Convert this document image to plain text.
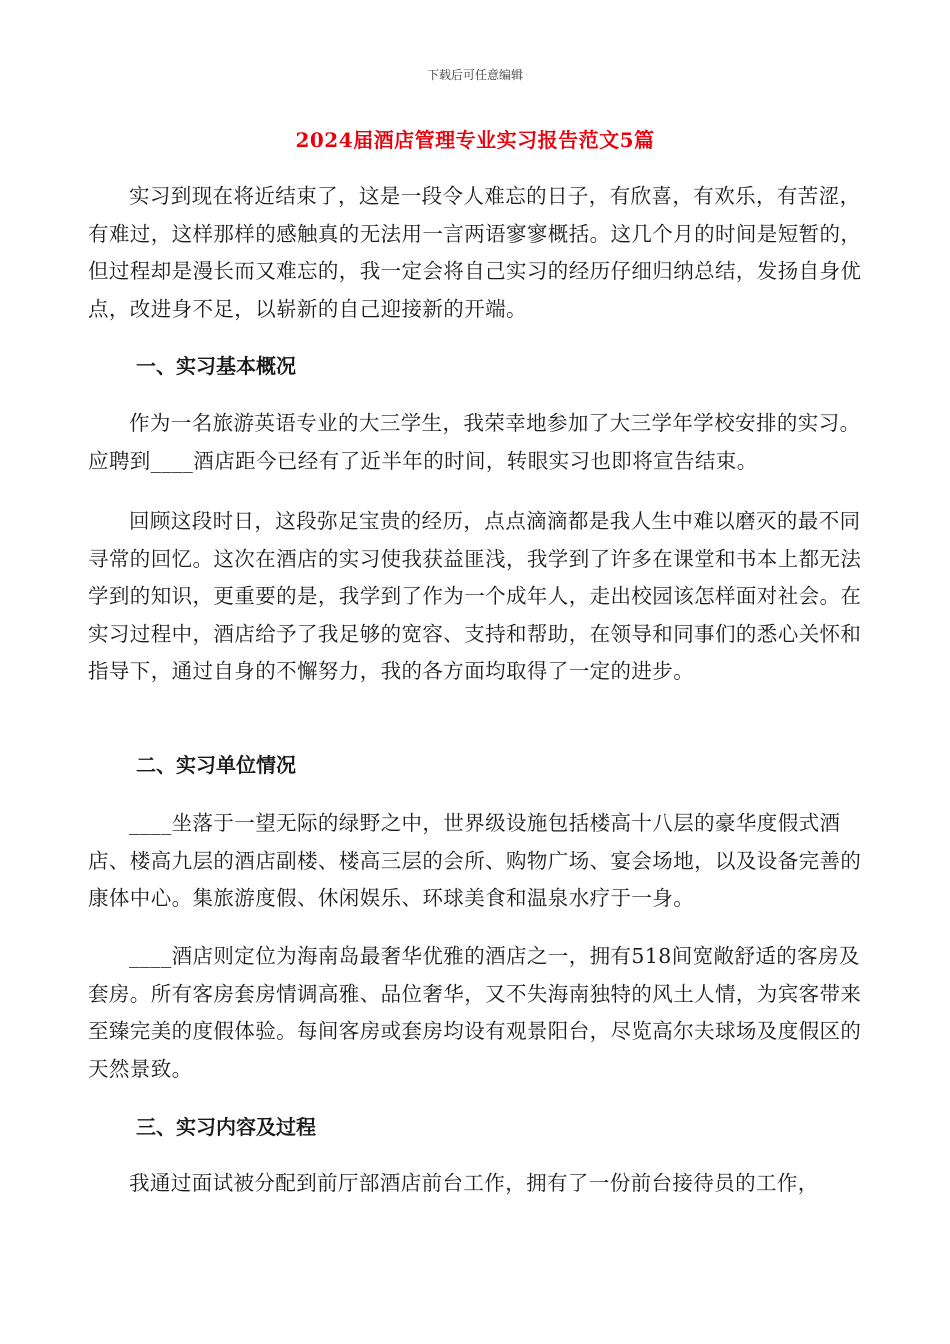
下载后可任意编辑
2024届酒店管理专业实习报告范文5篇

实习到现在将近结束了，这是一段令人难忘的日子，有欣喜，有欢乐，有苦涩，有难过，这样那样的感触真的无法用一言两语寥寥概括。这几个月的时间是短暂的，但过程却是漫长而又难忘的，我一定会将自己实习的经历仔细归纳总结，发扬自身优点，改进身不足，以崭新的自己迎接新的开端。

一、实习基本概况

作为一名旅游英语专业的大三学生，我荣幸地参加了大三学年学校安排的实习。应聘到____酒店距今已经有了近半年的时间，转眼实习也即将宣告结束。

回顾这段时日，这段弥足宝贵的经历，点点滴滴都是我人生中难以磨灭的最不同寻常的回忆。这次在酒店的实习使我获益匪浅，我学到了许多在课堂和书本上都无法学到的知识，更重要的是，我学到了作为一个成年人，走出校园该怎样面对社会。在实习过程中，酒店给予了我足够的宽容、支持和帮助，在领导和同事们的悉心关怀和指导下，通过自身的不懈努力，我的各方面均取得了一定的进步。

二、实习单位情况

____坐落于一望无际的绿野之中，世界级设施包括楼高十八层的豪华度假式酒店、楼高九层的酒店副楼、楼高三层的会所、购物广场、宴会场地，以及设备完善的康体中心。集旅游度假、休闲娱乐、环球美食和温泉水疗于一身。

____酒店则定位为海南岛最奢华优雅的酒店之一，拥有518间宽敞舒适的客房及套房。所有客房套房情调高雅、品位奢华，又不失海南独特的风土人情，为宾客带来至臻完美的度假体验。每间客房或套房均设有观景阳台，尽览高尔夫球场及度假区的天然景致。

三、实习内容及过程

我通过面试被分配到前厅部酒店前台工作，拥有了一份前台接待员的工作，
